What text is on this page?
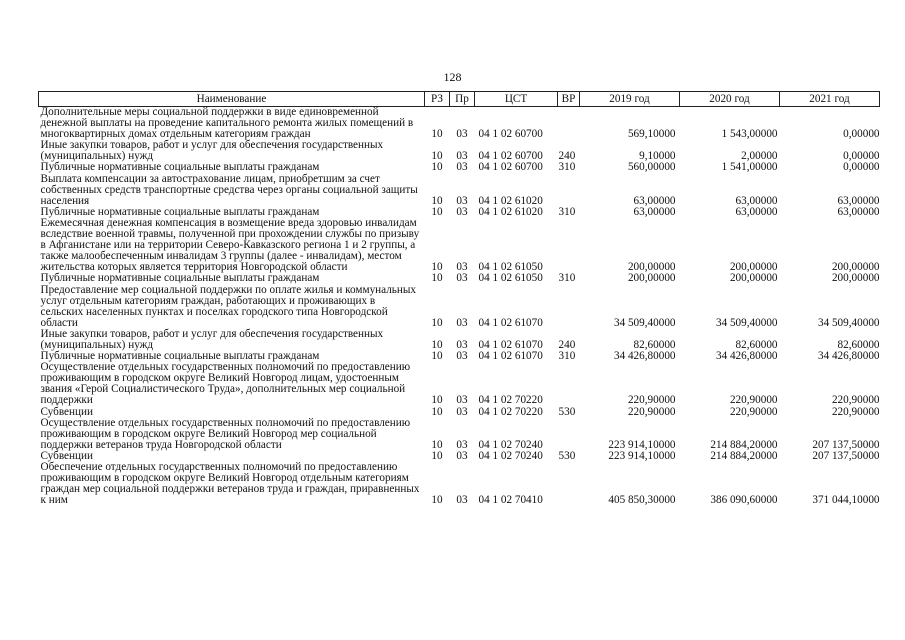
128
Наименование	РЗ	Пр	ЦСТ	ВР	2019 год	2020 год	2021 год
Дополнительные меры социальной поддержки в виде единовременной денежной выплаты на проведение капитального ремонта жилых помещений в многоквартирных домах отдельным категориям граждан	10	03	04 1 02 60700		569,10000	1 543,00000	0,00000
Иные закупки товаров, работ и услуг для обеспечения государственных (муниципальных) нужд	10	03	04 1 02 60700	240	9,10000	2,00000	0,00000
Публичные нормативные социальные выплаты гражданам	10	03	04 1 02 60700	310	560,00000	1 541,00000	0,00000
Выплата компенсации за автострахование лицам, приобретшим за счет собственных средств транспортные средства через органы социальной защиты населения	10	03	04 1 02 61020		63,00000	63,00000	63,00000
Публичные нормативные социальные выплаты гражданам	10	03	04 1 02 61020	310	63,00000	63,00000	63,00000
Ежемесячная денежная компенсация в возмещение вреда здоровью инвалидам вследствие военной травмы, полученной при прохождении службы по призыву в Афганистане или на территории Северо-Кавказского региона 1 и 2 группы, а также малообеспеченным инвалидам 3 группы (далее - инвалидам), местом жительства которых является территория Новгородской области	10	03	04 1 02 61050		200,00000	200,00000	200,00000
Публичные нормативные социальные выплаты гражданам	10	03	04 1 02 61050	310	200,00000	200,00000	200,00000
Предоставление мер социальной поддержки по оплате жилья и коммунальных услуг отдельным категориям граждан, работающих и проживающих в сельских населенных пунктах и поселках городского типа Новгородской области	10	03	04 1 02 61070		34 509,40000	34 509,40000	34 509,40000
Иные закупки товаров, работ и услуг для обеспечения государственных (муниципальных) нужд	10	03	04 1 02 61070	240	82,60000	82,60000	82,60000
Публичные нормативные социальные выплаты гражданам	10	03	04 1 02 61070	310	34 426,80000	34 426,80000	34 426,80000
Осуществление отдельных государственных полномочий по предоставлению проживающим в городском округе Великий Новгород лицам, удостоенным звания «Герой Социалистического Труда», дополнительных мер социальной поддержки	10	03	04 1 02 70220		220,90000	220,90000	220,90000
Субвенции	10	03	04 1 02 70220	530	220,90000	220,90000	220,90000
Осуществление отдельных государственных полномочий по предоставлению проживающим в городском округе Великий Новгород мер социальной поддержки ветеранов труда Новгородской области	10	03	04 1 02 70240		223 914,10000	214 884,20000	207 137,50000
Субвенции	10	03	04 1 02 70240	530	223 914,10000	214 884,20000	207 137,50000
Обеспечение отдельных государственных полномочий по предоставлению проживающим в городском округе Великий Новгород отдельным категориям граждан мер социальной поддержки ветеранов труда и граждан, приравненных к ним	10	03	04 1 02 70410		405 850,30000	386 090,60000	371 044,10000
